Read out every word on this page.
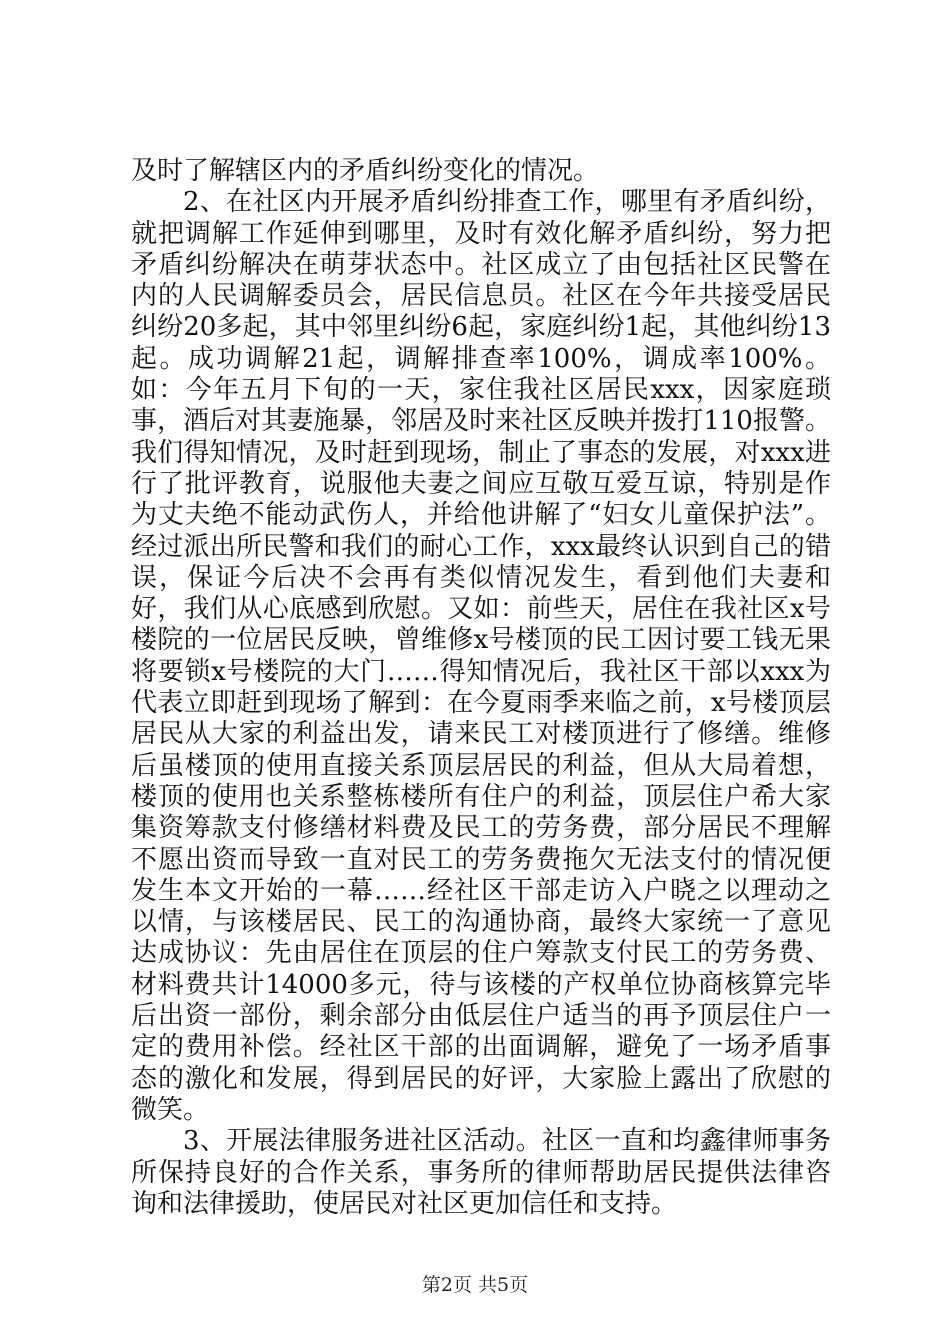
及时了解辖区内的矛盾纠纷变化的情况。

2、在社区内开展矛盾纠纷排查工作，哪里有矛盾纠纷，就把调解工作延伸到哪里，及时有效化解矛盾纠纷，努力把矛盾纠纷解决在萌芽状态中。社区成立了由包括社区民警在内的人民调解委员会，居民信息员。社区在今年共接受居民纠纷20多起，其中邻里纠纷6起，家庭纠纷1起，其他纠纷13起。成功调解21起，调解排查率100%，调成率100%。如：今年五月下旬的一天，家住我社区居民xxx，因家庭琐事，酒后对其妻施暴，邻居及时来社区反映并拨打110报警。我们得知情况，及时赶到现场，制止了事态的发展，对xxx进行了批评教育，说服他夫妻之间应互敬互爱互谅，特别是作为丈夫绝不能动武伤人，并给他讲解了“妇女儿童保护法”。经过派出所民警和我们的耐心工作，xxx最终认识到自己的错误，保证今后决不会再有类似情况发生，看到他们夫妻和好，我们从心底感到欣慰。又如：前些天，居住在我社区x号楼院的一位居民反映，曾维修x号楼顶的民工因讨要工钱无果将要锁x号楼院的大门……得知情况后，我社区干部以xxx为代表立即赶到现场了解到：在今夏雨季来临之前，x号楼顶层居民从大家的利益出发，请来民工对楼顶进行了修缮。维修后虽楼顶的使用直接关系顶层居民的利益，但从大局着想，楼顶的使用也关系整栋楼所有住户的利益，顶层住户希大家集资筹款支付修缮材料费及民工的劳务费，部分居民不理解不愿出资而导致一直对民工的劳务费拖欠无法支付的情况便发生本文开始的一幕……经社区干部走访入户晓之以理动之以情，与该楼居民、民工的沟通协商，最终大家统一了意见达成协议：先由居住在顶层的住户筹款支付民工的劳务费、材料费共计14000多元，待与该楼的产权单位协商核算完毕后出资一部份，剩余部分由低层住户适当的再予顶层住户一定的费用补偿。经社区干部的出面调解，避免了一场矛盾事态的激化和发展，得到居民的好评，大家脸上露出了欣慰的微笑。

3、开展法律服务进社区活动。社区一直和均鑫律师事务所保持良好的合作关系，事务所的律师帮助居民提供法律咨询和法律援助，使居民对社区更加信任和支持。

第2页 共5页
